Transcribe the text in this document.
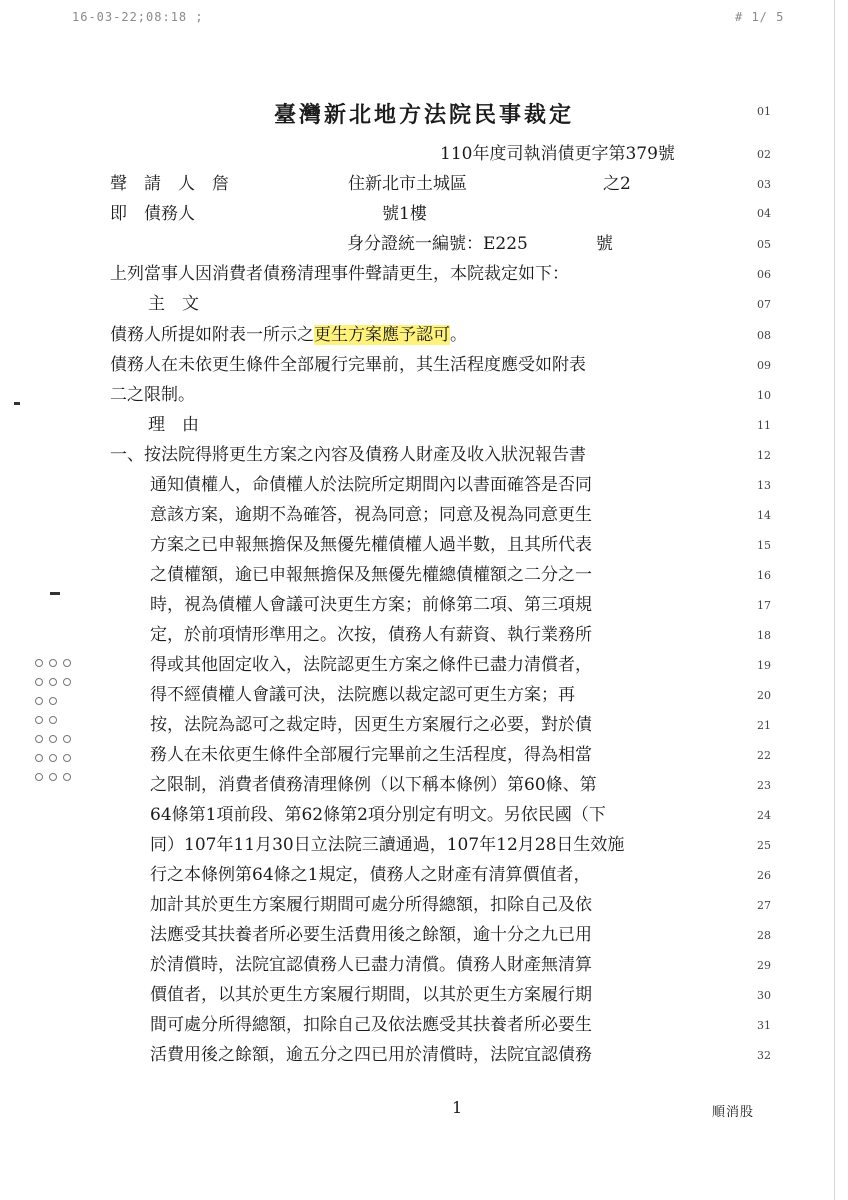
16-03-22;08:18 ;	# 1/ 5
臺灣新北地方法院民事裁定	01
02
03
04
05
06
07
08
09
10
11
12
13
14
15
16
17
18
19
20
21
22
23
24
25
26
27
28
29
30
31
32
110年度司執消債更字第379號
聲　請　人　詹　　　　　　　住新北市土城區　　　　　　　　之2
即　債務人　　　　　　　　　　　號1樓
身分證統一編號：E225　　　　號
上列當事人因消費者債務清理事件聲請更生，本院裁定如下：
主　文
債務人所提如附表一所示之更生方案應予認可。
債務人在未依更生條件全部履行完畢前，其生活程度應受如附表
二之限制。
理　由
一、按法院得將更生方案之內容及債務人財產及收入狀況報告書
通知債權人，命債權人於法院所定期間內以書面確答是否同
意該方案，逾期不為確答，視為同意；同意及視為同意更生
方案之已申報無擔保及無優先權債權人過半數，且其所代表
之債權額，逾已申報無擔保及無優先權總債權額之二分之一
時，視為債權人會議可決更生方案；前條第二項、第三項規
定，於前項情形準用之。次按，債務人有薪資、執行業務所
得或其他固定收入，法院認更生方案之條件已盡力清償者，
得不經債權人會議可決，法院應以裁定認可更生方案；再
按，法院為認可之裁定時，因更生方案履行之必要，對於債
務人在未依更生條件全部履行完畢前之生活程度，得為相當
之限制，消費者債務清理條例（以下稱本條例）第60條、第
64條第1項前段、第62條第2項分別定有明文。另依民國（下
同）107年11月30日立法院三讀通過，107年12月28日生效施
行之本條例第64條之1規定，債務人之財產有清算價值者，
加計其於更生方案履行期間可處分所得總額，扣除自己及依
法應受其扶養者所必要生活費用後之餘額，逾十分之九已用
於清償時，法院宜認債務人已盡力清償。債務人財產無清算
價值者，以其於更生方案履行期間，以其於更生方案履行期
間可處分所得總額，扣除自己及依法應受其扶養者所必要生
活費用後之餘額，逾五分之四已用於清償時，法院宜認債務

1	順消股
